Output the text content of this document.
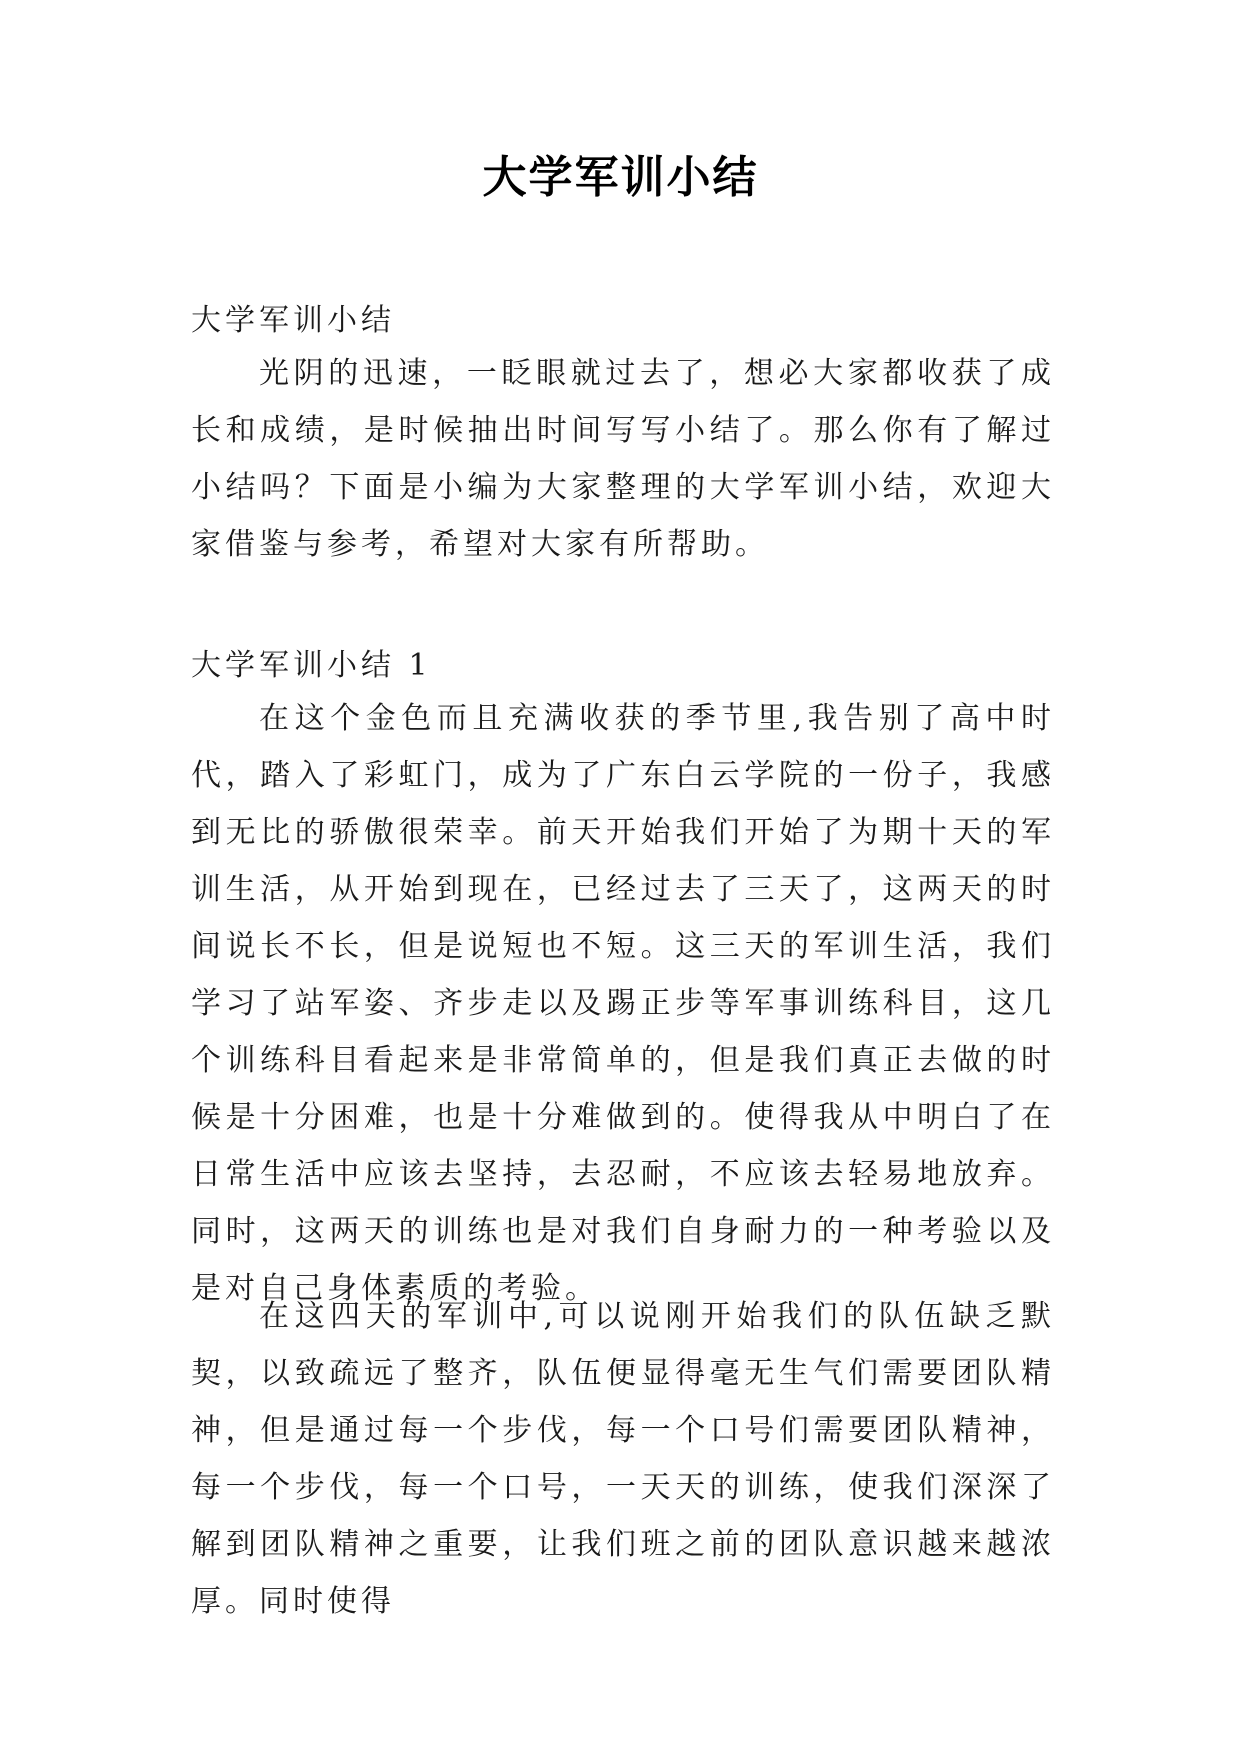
大学军训小结

大学军训小结

光阴的迅速，一眨眼就过去了，想必大家都收获了成长和成绩，是时候抽出时间写写小结了。那么你有了解过小结吗？下面是小编为大家整理的大学军训小结，欢迎大家借鉴与参考，希望对大家有所帮助。

大学军训小结 1

在这个金色而且充满收获的季节里,我告别了高中时代，踏入了彩虹门，成为了广东白云学院的一份子，我感到无比的骄傲很荣幸。前天开始我们开始了为期十天的军训生活，从开始到现在，已经过去了三天了，这两天的时间说长不长，但是说短也不短。这三天的军训生活，我们学习了站军姿、齐步走以及踢正步等军事训练科目，这几个训练科目看起来是非常简单的，但是我们真正去做的时候是十分困难，也是十分难做到的。使得我从中明白了在日常生活中应该去坚持，去忍耐，不应该去轻易地放弃。同时，这两天的训练也是对我们自身耐力的一种考验以及是对自己身体素质的考验。

在这四天的军训中,可以说刚开始我们的队伍缺乏默契，以致疏远了整齐，队伍便显得毫无生气们需要团队精神，但是通过每一个步伐，每一个口号们需要团队精神，每一个步伐，每一个口号，一天天的训练，使我们深深了解到团队精神之重要，让我们班之前的团队意识越来越浓厚。同时使得
